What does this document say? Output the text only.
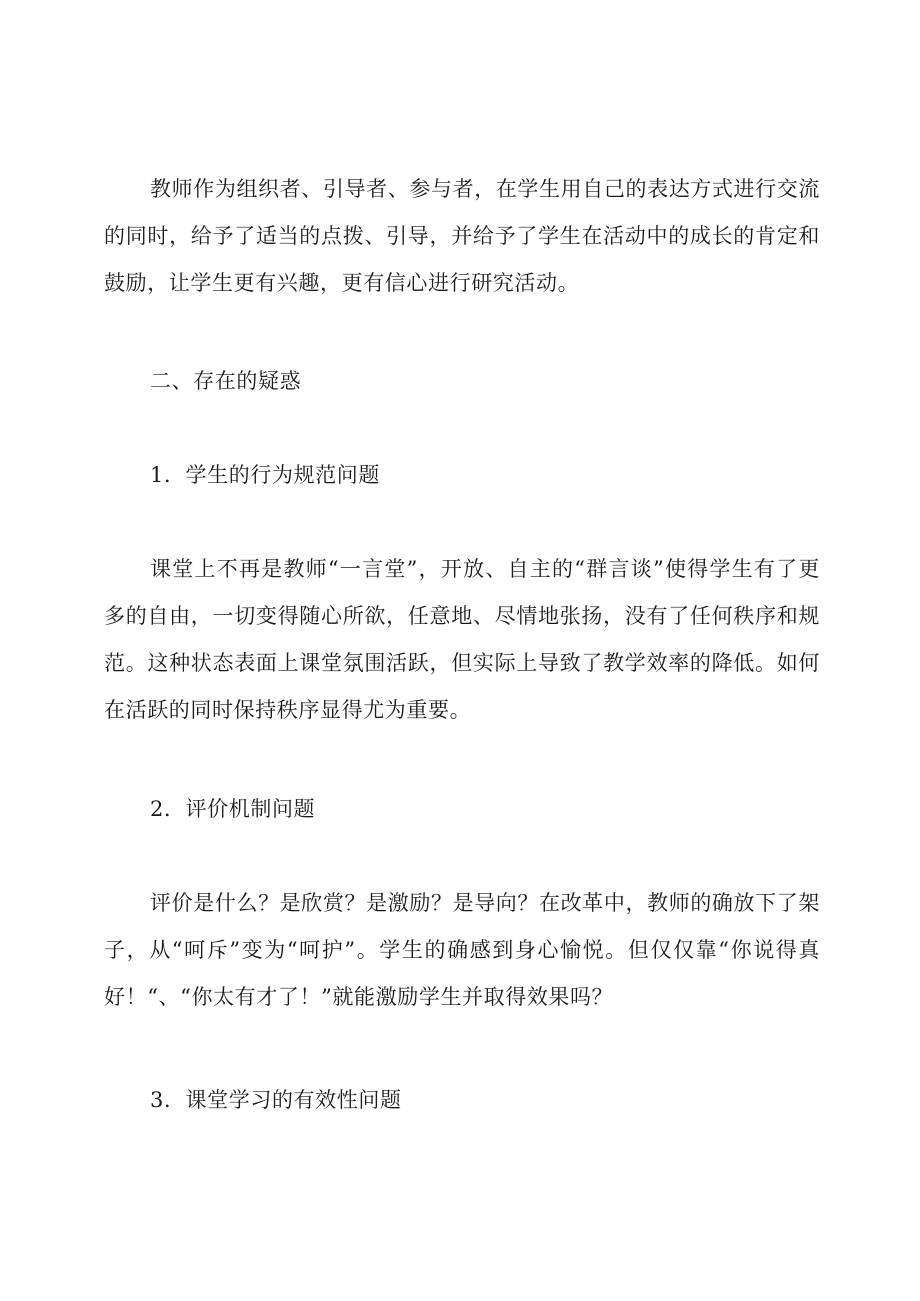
教师作为组织者、引导者、参与者，在学生用自己的表达方式进行交流的同时，给予了适当的点拨、引导，并给予了学生在活动中的成长的肯定和鼓励，让学生更有兴趣，更有信心进行研究活动。

二、存在的疑惑

1．学生的行为规范问题

课堂上不再是教师“一言堂”，开放、自主的“群言谈”使得学生有了更多的自由，一切变得随心所欲，任意地、尽情地张扬，没有了任何秩序和规范。这种状态表面上课堂氛围活跃，但实际上导致了教学效率的降低。如何在活跃的同时保持秩序显得尤为重要。

2．评价机制问题

评价是什么？是欣赏？是激励？是导向？在改革中，教师的确放下了架子，从“呵斥”变为“呵护”。学生的确感到身心愉悦。但仅仅靠“你说得真好！“、“你太有才了！”就能激励学生并取得效果吗？

3．课堂学习的有效性问题
